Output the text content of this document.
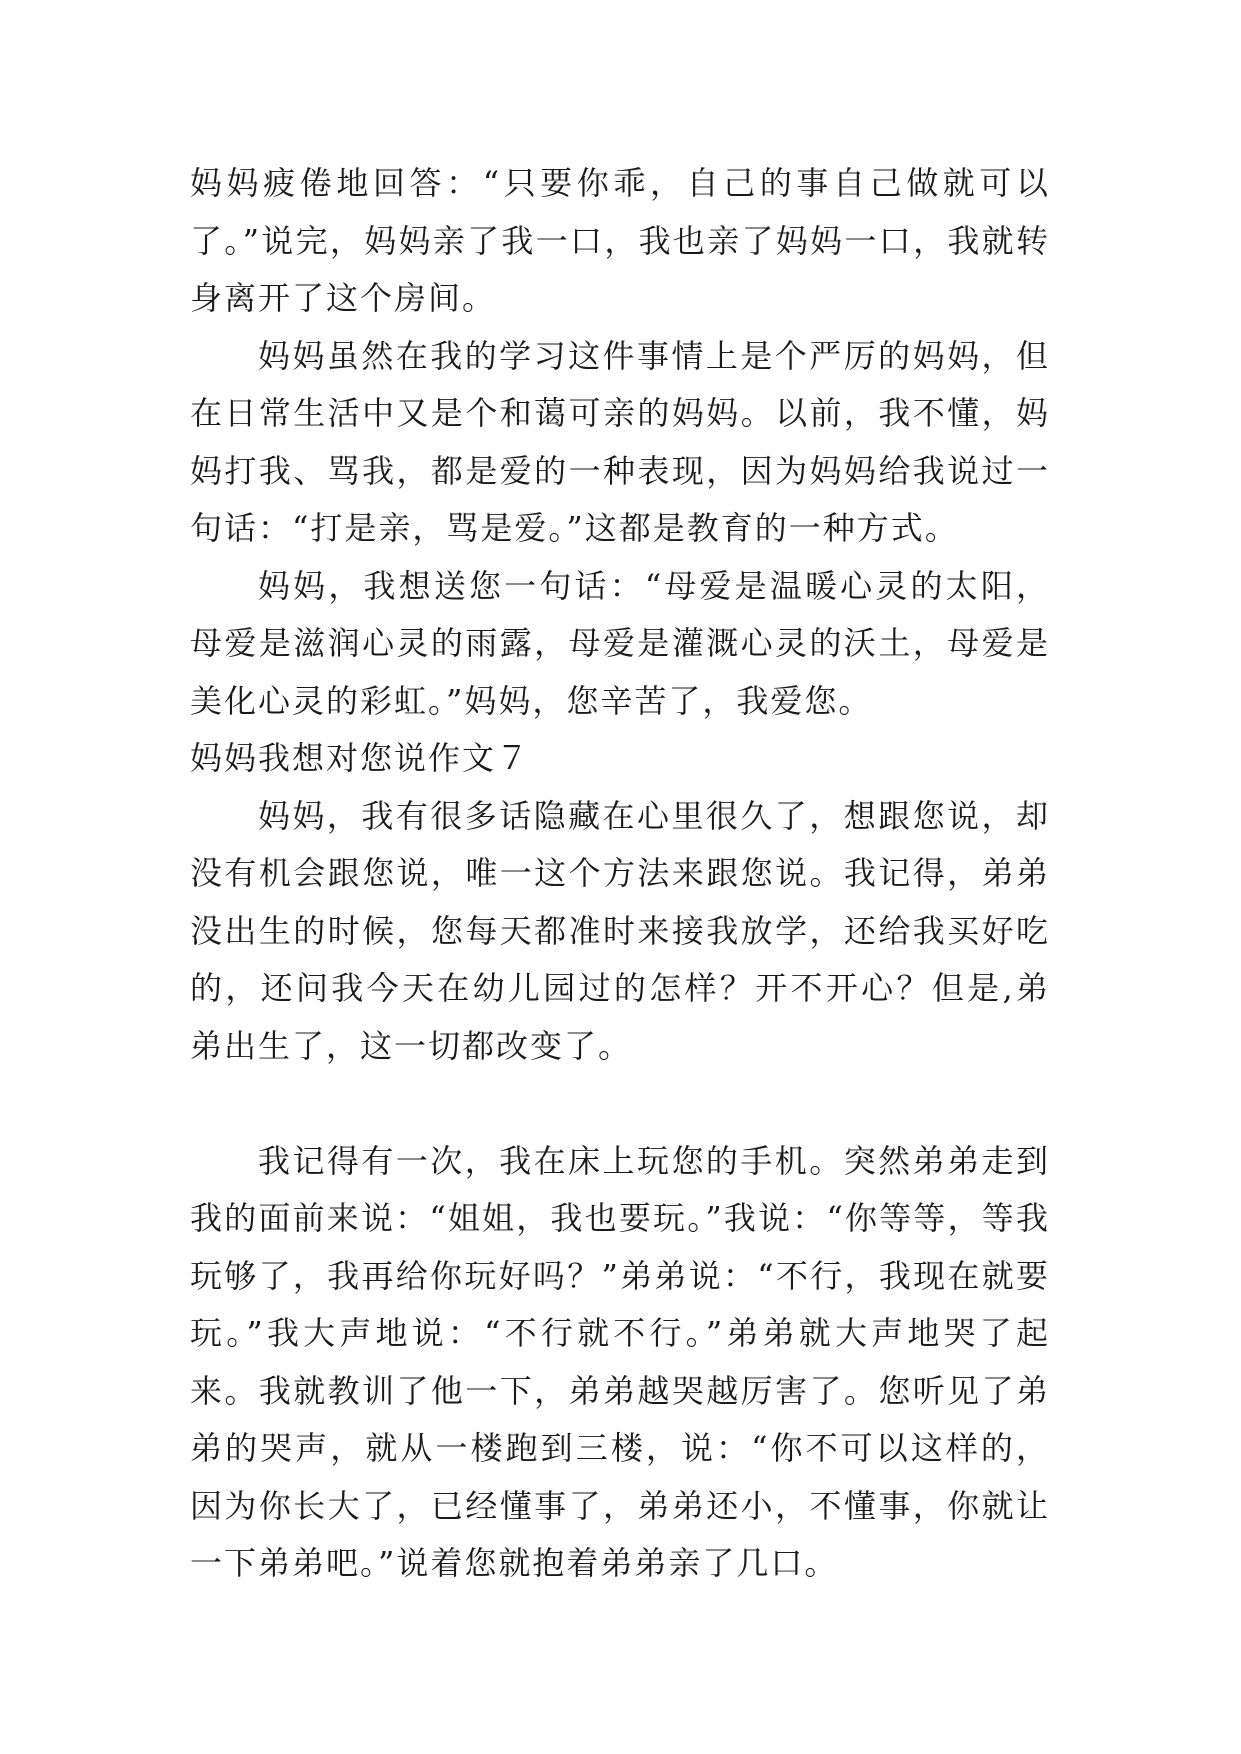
妈妈疲倦地回答：“只要你乖，自己的事自己做就可以了。”说完，妈妈亲了我一口，我也亲了妈妈一口，我就转身离开了这个房间。

妈妈虽然在我的学习这件事情上是个严厉的妈妈，但在日常生活中又是个和蔼可亲的妈妈。以前，我不懂，妈妈打我、骂我，都是爱的一种表现，因为妈妈给我说过一句话：“打是亲，骂是爱。”这都是教育的一种方式。

妈妈，我想送您一句话：“母爱是温暖心灵的太阳，母爱是滋润心灵的雨露，母爱是灌溉心灵的沃土，母爱是美化心灵的彩虹。”妈妈，您辛苦了，我爱您。

妈妈我想对您说作文７

妈妈，我有很多话隐藏在心里很久了，想跟您说，却没有机会跟您说，唯一这个方法来跟您说。我记得，弟弟没出生的时候，您每天都准时来接我放学，还给我买好吃的，还问我今天在幼儿园过的怎样？开不开心？但是,弟弟出生了，这一切都改变了。

我记得有一次，我在床上玩您的手机。突然弟弟走到我的面前来说：“姐姐，我也要玩。”我说：“你等等，等我玩够了，我再给你玩好吗？”弟弟说：“不行，我现在就要玩。”我大声地说：“不行就不行。”弟弟就大声地哭了起来。我就教训了他一下，弟弟越哭越厉害了。您听见了弟弟的哭声，就从一楼跑到三楼，说：“你不可以这样的，因为你长大了，已经懂事了，弟弟还小，不懂事，你就让一下弟弟吧。”说着您就抱着弟弟亲了几口。
